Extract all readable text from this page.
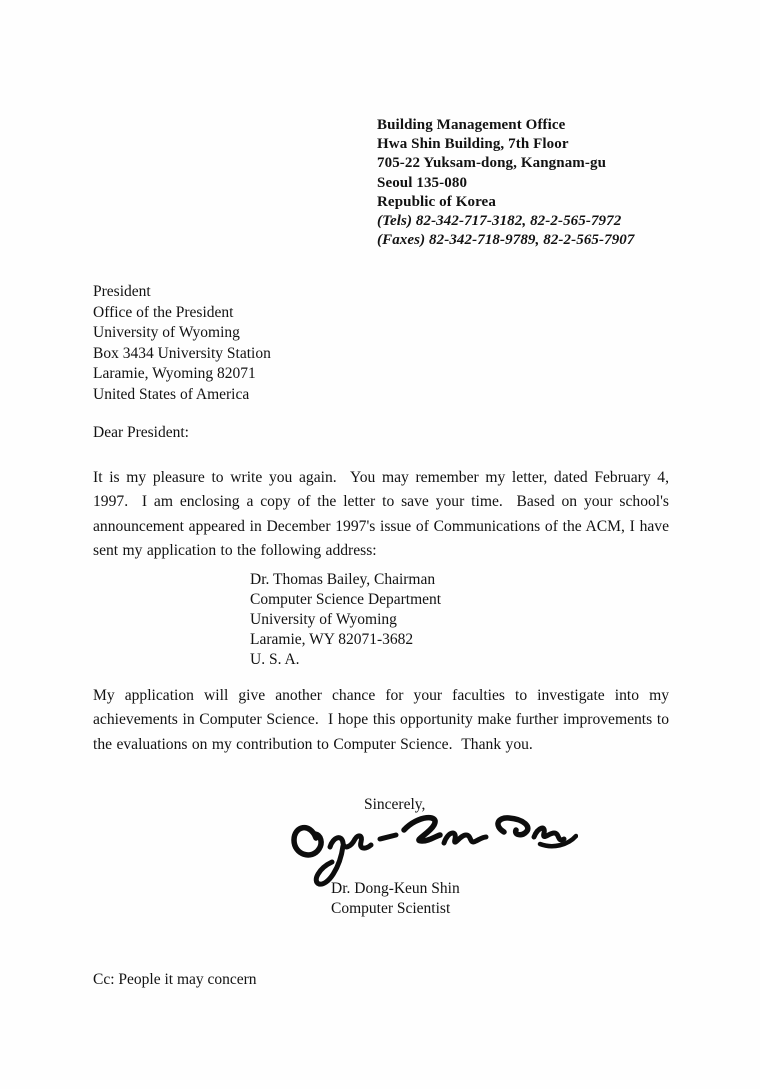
Building Management Office
Hwa Shin Building, 7th Floor
705-22 Yuksam-dong, Kangnam-gu
Seoul 135-080
Republic of Korea
(Tels) 82-342-717-3182, 82-2-565-7972
(Faxes) 82-342-718-9789, 82-2-565-7907
President
Office of the President
University of Wyoming
Box 3434 University Station
Laramie, Wyoming 82071
United States of America
Dear President:
It is my pleasure to write you again.  You may remember my letter, dated February 4, 1997.  I am enclosing a copy of the letter to save your time.  Based on your school's announcement appeared in December 1997's issue of Communications of the ACM, I have sent my application to the following address:
Dr. Thomas Bailey, Chairman
Computer Science Department
University of Wyoming
Laramie, WY 82071-3682
U. S. A.
My application will give another chance for your faculties to investigate into my achievements in Computer Science.  I hope this opportunity make further improvements to the evaluations on my contribution to Computer Science.  Thank you.
Sincerely,
Dr. Dong-Keun Shin
Computer Scientist
Cc: People it may concern
